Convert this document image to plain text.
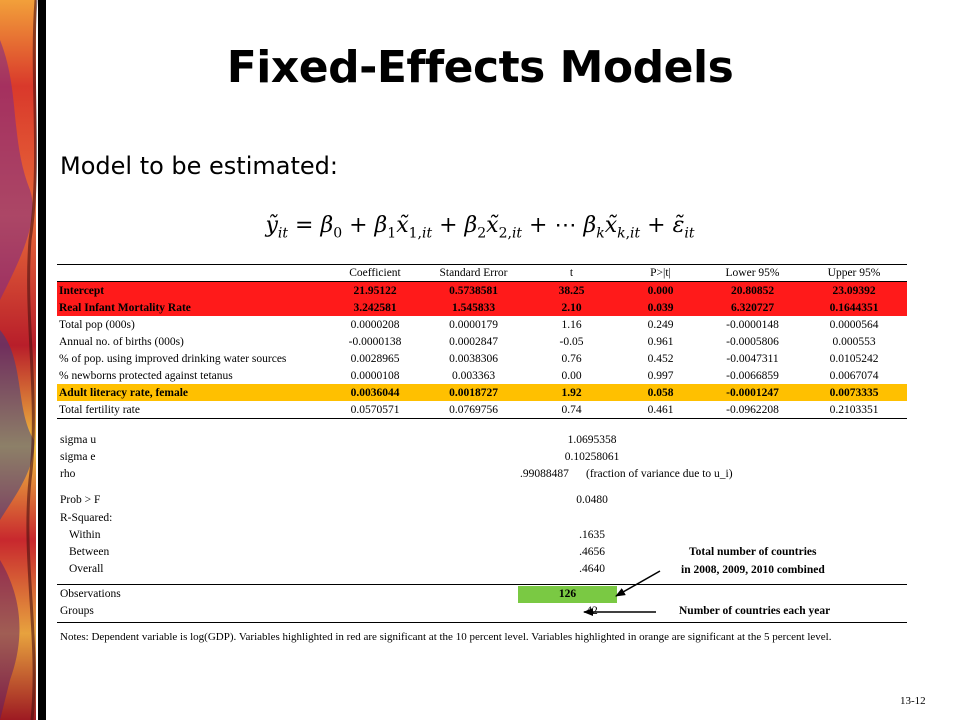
Fixed-Effects Models
Model to be estimated:
ỹ$_{it}$ = $\beta_0$ + $\beta_1x̃_{1,it}$ + $\beta_2x̃_{2,it}$ + ⋯ $\beta_kx̃_{k,it}$ + $\varepsiloñ_{it}$
	Coefficient	Standard Error	t	P>|t|	Lower 95%	Upper 95%
Intercept	21.95122	0.5738581	38.25	0.000	20.80852	23.09392
Real Infant Mortality Rate	3.242581	1.545833	2.10	0.039	6.320727	0.1644351
Total pop (000s)	0.0000208	0.0000179	1.16	0.249	-0.0000148	0.0000564
Annual no. of births (000s)	-0.0000138	0.0002847	-0.05	0.961	-0.0005806	0.000553
% of pop. using improved drinking water sources	0.0028965	0.0038306	0.76	0.452	-0.0047311	0.0105242
% newborns protected against tetanus	0.0000108	0.003363	0.00	0.997	-0.0066859	0.0067074
Adult literacy rate, female	0.0036044	0.0018727	1.92	0.058	-0.0001247	0.0073335
Total fertility rate	0.0570571	0.0769756	0.74	0.461	-0.0962208	0.2103351
sigma u	1.0695358
sigma e	0.10258061
rho	.99088487 (fraction of variance due to u_i)
Prob > F	0.0480
R-Squared:
Within	.1635
Between	.4656
Overall	.4640
Total number of countries
in 2008, 2009, 2010 combined
Observations	126
Groups	42	Number of countries each year
Notes: Dependent variable is log(GDP). Variables highlighted in red are significant at the 10 percent level. Variables highlighted in orange are significant at the 5 percent level.
13-12
